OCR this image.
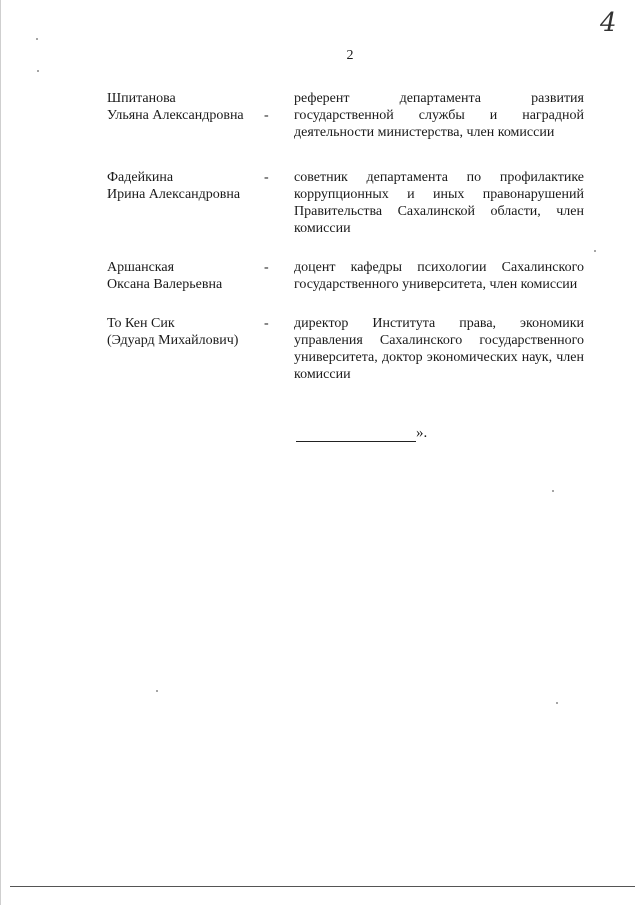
4
2
Шпитанова
Ульяна Александровна	-
референт департамента развития государственной службы и наградной деятельности министерства, член комиссии
Фадейкина
Ирина Александровна
-	советник департамента по профилактике коррупционных и иных правонарушений Правительства Сахалинской области, член комиссии
Аршанская
Оксана Валерьевна
-	доцент кафедры психологии Сахалинского государственного университета, член комиссии
То Кен Сик
(Эдуард Михайлович)
-	директор Института права, экономики управления Сахалинского государственного университета, доктор экономических наук, член комиссии
».
